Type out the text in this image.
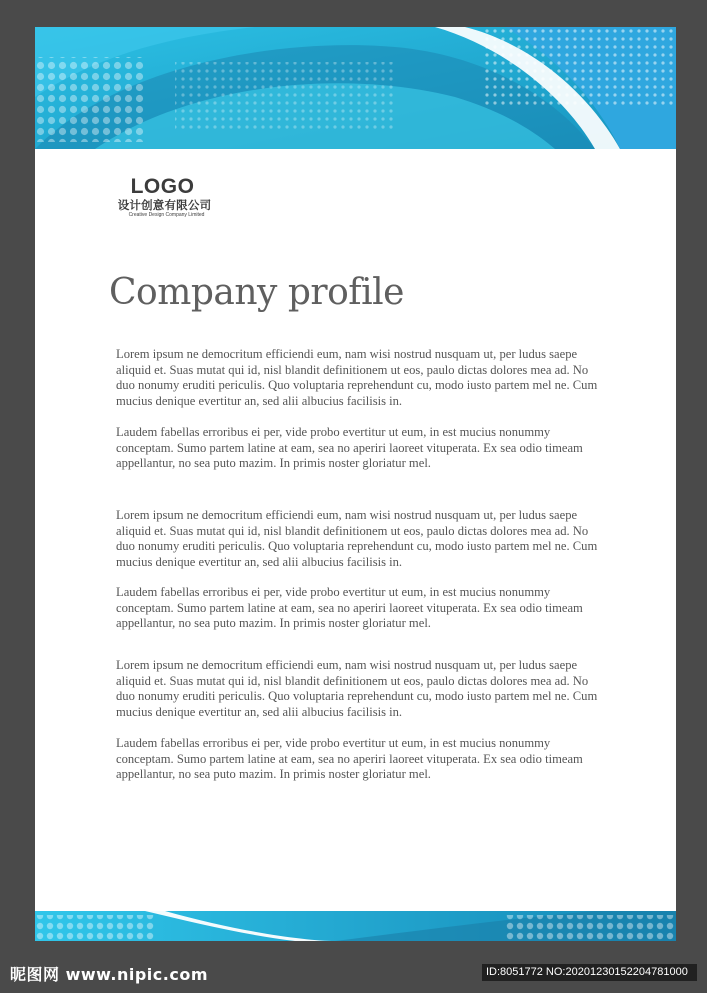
LOGO
设计创意有限公司
Creative Design Company Limited
Company profile

Lorem ipsum ne democritum efficiendi eum, nam wisi nostrud nusquam ut, per ludus saepe aliquid et. Suas mutat qui id, nisl blandit definitionem ut eos, paulo dictas dolores mea ad. No duo nonumy eruditi periculis. Quo voluptaria reprehendunt cu, modo iusto partem mel ne. Cum mucius denique evertitur an, sed alii albucius facilisis in.

Laudem fabellas erroribus ei per, vide probo evertitur ut eum, in est mucius nonummy conceptam. Sumo partem latine at eam, sea no aperiri laoreet vituperata. Ex sea odio timeam appellantur, no sea puto mazim. In primis noster gloriatur mel.

Lorem ipsum ne democritum efficiendi eum, nam wisi nostrud nusquam ut, per ludus saepe aliquid et. Suas mutat qui id, nisl blandit definitionem ut eos, paulo dictas dolores mea ad. No duo nonumy eruditi periculis. Quo voluptaria reprehendunt cu, modo iusto partem mel ne. Cum mucius denique evertitur an, sed alii albucius facilisis in.

Laudem fabellas erroribus ei per, vide probo evertitur ut eum, in est mucius nonummy conceptam. Sumo partem latine at eam, sea no aperiri laoreet vituperata. Ex sea odio timeam appellantur, no sea puto mazim. In primis noster gloriatur mel.

Lorem ipsum ne democritum efficiendi eum, nam wisi nostrud nusquam ut, per ludus saepe aliquid et. Suas mutat qui id, nisl blandit definitionem ut eos, paulo dictas dolores mea ad. No duo nonumy eruditi periculis. Quo voluptaria reprehendunt cu, modo iusto partem mel ne. Cum mucius denique evertitur an, sed alii albucius facilisis in.

Laudem fabellas erroribus ei per, vide probo evertitur ut eum, in est mucius nonummy conceptam. Sumo partem latine at eam, sea no aperiri laoreet vituperata. Ex sea odio timeam appellantur, no sea puto mazim. In primis noster gloriatur mel.

昵图网 www.nipic.com	ID:8051772 NO:20201230152204781000
